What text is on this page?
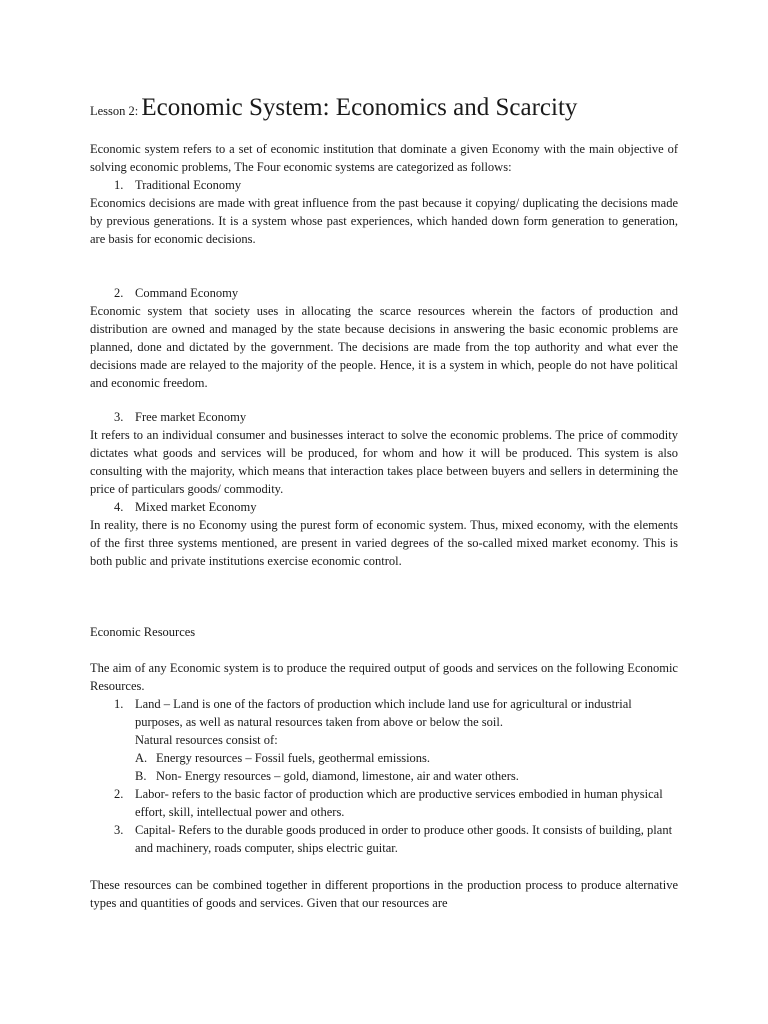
Lesson 2: Economic System: Economics and Scarcity

Economic system refers to a set of economic institution that dominate a given Economy with the main objective of solving economic problems, The Four economic systems are categorized as follows:

1. Traditional Economy

Economics decisions are made with great influence from the past because it copying/ duplicating the decisions made by previous generations. It is a system whose past experiences, which handed down form generation to generation, are basis for economic decisions.

2. Command Economy

Economic system that society uses in allocating the scarce resources wherein the factors of production and distribution are owned and managed by the state because decisions in answering the basic economic problems are planned, done and dictated by the government. The decisions are made from the top authority and what ever the decisions made are relayed to the majority of the people. Hence, it is a system in which, people do not have political and economic freedom.

3. Free market Economy

It refers to an individual consumer and businesses interact to solve the economic problems. The price of commodity dictates what goods and services will be produced, for whom and how it will be produced. This system is also consulting with the majority, which means that interaction takes place between buyers and sellers in determining the price of particulars goods/ commodity.

4. Mixed market Economy

In reality, there is no Economy using the purest form of economic system. Thus, mixed economy, with the elements of the first three systems mentioned, are present in varied degrees of the so-called mixed market economy. This is both public and private institutions exercise economic control.

Economic Resources

The aim of any Economic system is to produce the required output of goods and services on the following Economic Resources.

1. Land – Land is one of the factors of production which include land use for agricultural or industrial purposes, as well as natural resources taken from above or below the soil.
Natural resources consist of:
A. Energy resources – Fossil fuels, geothermal emissions.
B. Non- Energy resources – gold, diamond, limestone, air and water others.
2. Labor- refers to the basic factor of production which are productive services embodied in human physical effort, skill, intellectual power and others.
3. Capital- Refers to the durable goods produced in order to produce other goods. It consists of building, plant and machinery, roads computer, ships electric guitar.

These resources can be combined together in different proportions in the production process to produce alternative types and quantities of goods and services. Given that our resources are
